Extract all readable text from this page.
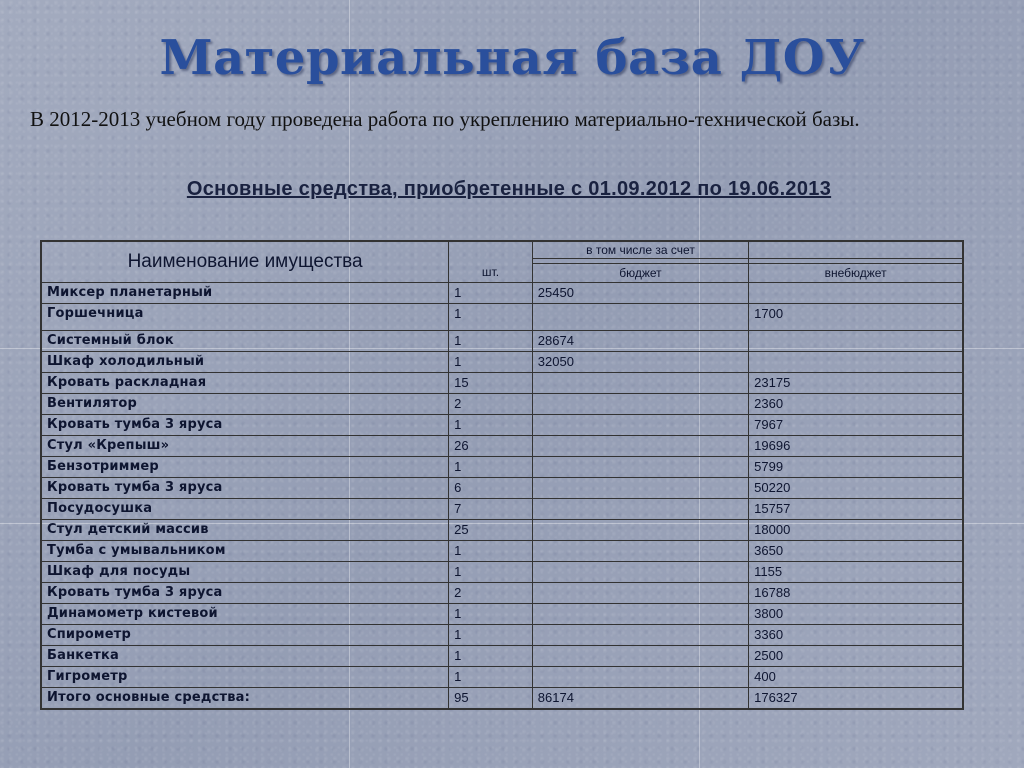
Материальная база ДОУ
В 2012-2013 учебном году проведена работа по укреплению материально-технической базы.
Основные средства, приобретенные с 01.09.2012 по 19.06.2013
Наименование имущества	шт.	в том числе за счет	

		бюджет	внебюджет
Миксер планетарный	1	25450	
Горшечница	1		1700
Системный блок	1	28674	
Шкаф холодильный	1	32050	
Кровать раскладная	15		23175
Вентилятор	2		2360
Кровать тумба 3 яруса	1		7967
Стул «Крепыш»	26		19696
Бензотриммер	1		5799
Кровать тумба 3 яруса	6		50220
Посудосушка	7		15757
Стул детский массив	25		18000
Тумба с умывальником	1		3650
Шкаф для посуды	1		1155
Кровать тумба 3 яруса	2		16788
Динамометр кистевой	1		3800
Спирометр	1		3360
Банкетка	1		2500
Гигрометр	1		400
Итого основные средства:	95	86174	176327
